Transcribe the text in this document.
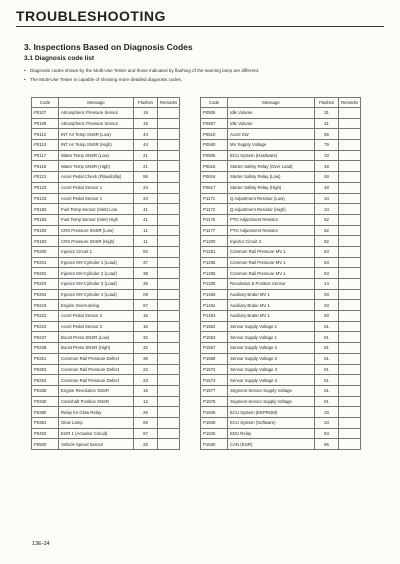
TROUBLESHOOTING
3. Inspections Based on Diagnosis Codes
3.1 Diagnosis code list

• Diagnosis codes shown by the Multi-Use Tester and those indicated by flashing of the warning lamp are different.

• The Multi-Use Tester is capable of showing more detailed diagnosis codes.

Code	Message	Flashes	Remarks
P0107	Atmospheric Pressure Sensor	19	
P0108	Atmospheric Pressure Sensor	19	
P0112	INT Air Temp SNSR (Low)	44	
P0113	INT Air Temp SNSR (High)	44	
P0117	Water Temp SNSR (Low)	21	
P0118	Water Temp SNSR (High)	21	
P0121	Accel Pedal Check (Plausibility)	58	
P0122	Accel Pedal Sensor 1	24	
P0123	Accel Pedal Sensor 1	24	
P0182	Fuel Temp Sensor (Inlet) Low	41	
P0183	Fuel Temp Sensor (Inlet) High	41	
P0192	CRS Pressure SNSR (Low)	11	
P0193	CRS Pressure SNSR (High)	11	
P0200	Injector Circuit 1	82	
P0201	Injector MV-Cylinder 1 (Load)	37	
P0202	Injector MV-Cylinder 2 (Load)	38	
P0203	Injector MV-Cylinder 3 (Load)	39	
P0204	Injector MV-Cylinder 4 (Load)	09	
P0219	Engine Overrunning	67	
P0222	Accel Pedal Sensor 2	16	
P0223	Accel Pedal Sensor 2	16	
P0237	Boost Press SNSR (Low)	32	
P0238	Boost Press SNSR (High)	32	
P0251	Common Rail Pressure Defect	36	
P0253	Common Rail Pressure Defect	22	
P0254	Common Rail Pressure Defect	23	
P0335	Engine Revolution SNSR	15	
P0340	Camshaft Position SNSR	12	
P0380	Relay for Glow Relay	26	
P0381	Glow Lamp	69	
P0403	EGR 1 (Actuator Circuit)	67	
P0500	Vehicle Speed Sensor	25	
Code	Message	Flashes	Remarks
P0506	Idle Volume	31	
P0507	Idle Volume	31	
P0510	Accel SW	65	
P0560	MV Supply Voltage	79	
P0605	ECU System (Hardware)	33	
P0615	Starter Safety Relay (Over Load)	48	
P0616	Starter Safety Relay (Low)	48	
P0617	Starter Safety Relay (High)	48	
P1171	Q Adjustment Resistor (Low)	34	
P1172	Q Adjustment Resistor (High)	34	
P1176	PTO Adjustment Resistor	62	
P1177	PTO Adjustment Resistor	62	
P1200	Injector Circuit 2	82	
P1251	Common Rail Pressure MV 1	63	
P1255	Common Rail Pressure MV 1	63	
P1256	Common Rail Pressure MV 1	63	
P1335	Revolution & Position Sensor	14	
P1466	Auxiliary Brake MV 1	93	
P1462	Auxiliary Brake MV 1	93	
P1463	Auxiliary Brake MV 1	93	
P1562	Sensor Supply Voltage 1	61	
P1563	Sensor Supply Voltage 1	61	
P1567	Sensor Supply Voltage 2	61	
P1568	Sensor Supply Voltage 2	61	
P1572	Sensor Supply Voltage 3	61	
P1573	Sensor Supply Voltage 3	61	
P1577	Segment Sensor Supply Voltage	61	
P1579	Segment Sensor Supply Voltage	61	
P1605	ECU System (EEPROM)	33	
P1606	ECU System (Software)	33	
P1625	EDU Relay	84	
P1630	CAN (EGR)	86	
13E-24
